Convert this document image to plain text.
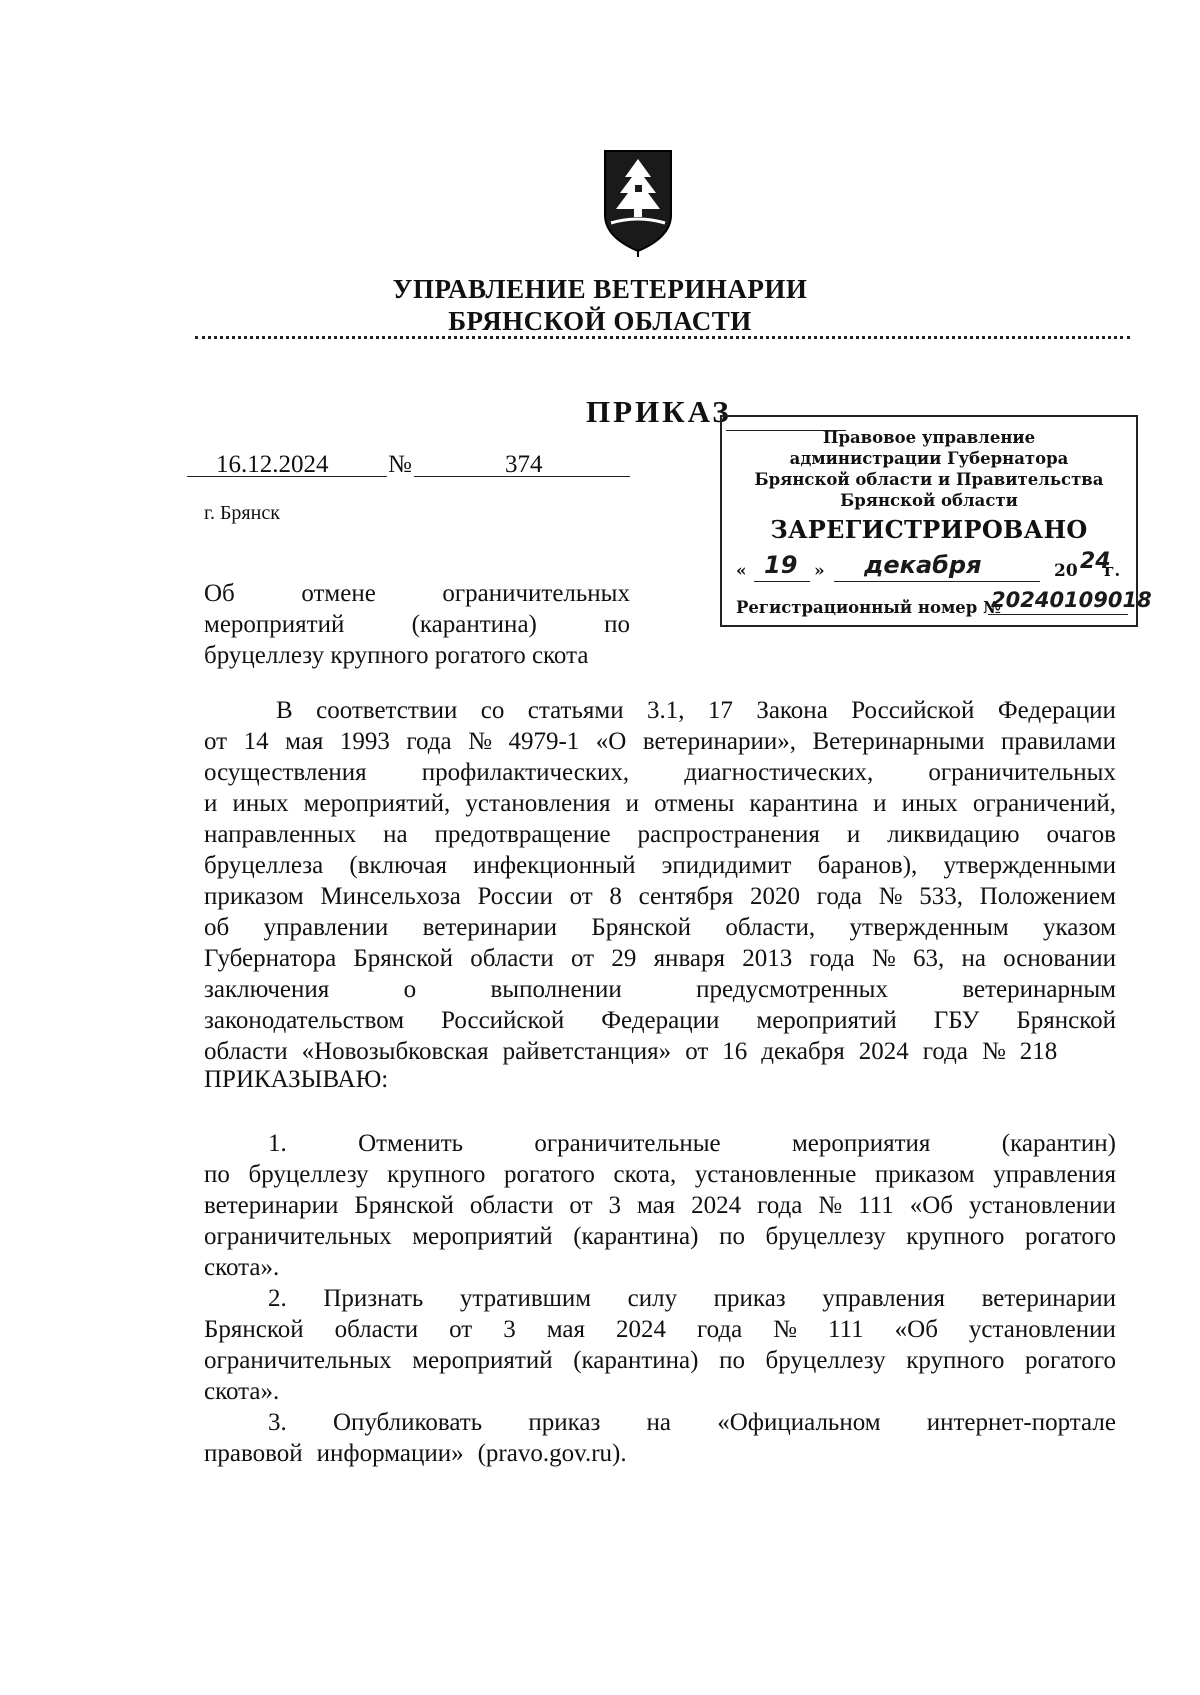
УПРАВЛЕНИЕ ВЕТЕРИНАРИИ
БРЯНСКОЙ ОБЛАСТИ
ПРИКАЗ
16.12.2024 №	374
г. Брянск
Об	отмене	ограничительных
мероприятий	(карантина)	по
бруцеллезу крупного рогатого скота
Правовое управление
администрации Губернатора
Брянской области и Правительства
Брянской области
ЗАРЕГИСТРИРОВАНО
« 19 » декабря	20 24
г.
Регистрационный номер №
20240109018
В соответствии со статьями 3.1, 17 Закона Российской Федерации
от 14 мая 1993 года № 4979-1 «О ветеринарии», Ветеринарными правилами
осуществления профилактических, диагностических, ограничительных
и иных мероприятий, установления и отмены карантина и иных ограничений,
направленных на предотвращение распространения и ликвидацию очагов
бруцеллеза (включая инфекционный эпидидимит баранов), утвержденными
приказом Минсельхоза России от 8 сентября 2020 года № 533, Положением
об управлении ветеринарии Брянской области, утвержденным указом
Губернатора Брянской области от 29 января 2013 года № 63, на основании
заключения	о	выполнении	предусмотренных	ветеринарным
законодательством Российской Федерации мероприятий ГБУ Брянской
области «Новозыбковская райветстанция» от 16 декабря 2024 года № 218
ПРИКАЗЫВАЮ:
1.	Отменить	ограничительные	мероприятия	(карантин)
по бруцеллезу крупного рогатого скота, установленные приказом управления
ветеринарии Брянской области от 3 мая 2024 года № 111 «Об установлении
ограничительных мероприятий (карантина) по бруцеллезу крупного рогатого
скота».
2. Признать утратившим силу приказ управления ветеринарии
Брянской области от 3 мая 2024 года № 111 «Об установлении
ограничительных мероприятий (карантина) по бруцеллезу крупного рогатого
скота».
3. Опубликовать приказ на «Официальном интернет-портале
правовой информации» (pravo.gov.ru).
